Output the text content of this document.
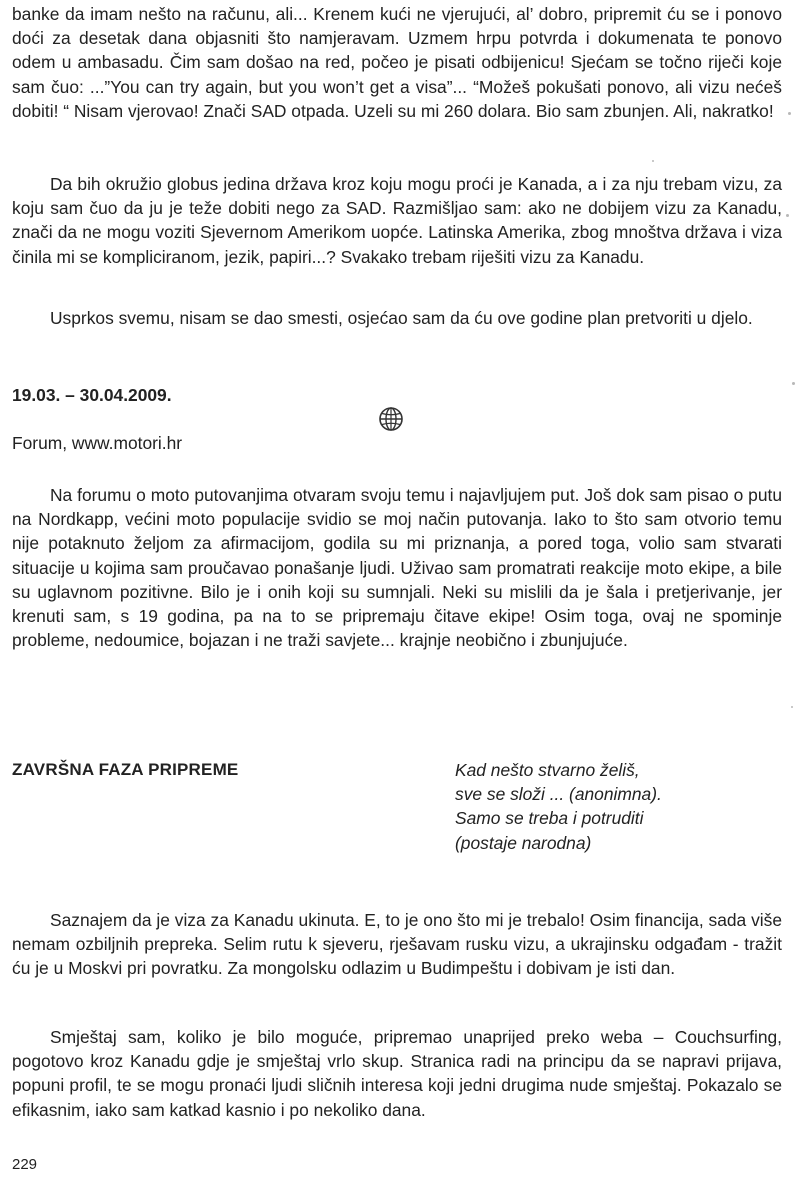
banke da imam nešto na računu, ali... Krenem kući ne vjerujući, al’ dobro, pripremit ću se i ponovo doći za desetak dana objasniti što namjeravam. Uzmem hrpu potvrda i dokumenata te ponovo odem u ambasadu. Čim sam došao na red, počeo je pisati odbijenicu! Sjećam se točno riječi koje sam čuo: ...”You can try again, but you won’t get a visa”... “Možeš pokušati ponovo, ali vizu nećeš dobiti! “ Nisam vjerovao! Znači SAD otpada. Uzeli su mi 260 dolara. Bio sam zbunjen. Ali, nakratko!

Da bih okružio globus jedina država kroz koju mogu proći je Kanada, a i za nju trebam vizu, za koju sam čuo da ju je teže dobiti nego za SAD. Razmišljao sam: ako ne dobijem vizu za Kanadu, znači da ne mogu voziti Sjevernom Amerikom uopće. Latinska Amerika, zbog mnoštva država i viza činila mi se kompliciranom, jezik, papiri...? Svakako trebam riješiti vizu za Kanadu.

Usprkos svemu, nisam se dao smesti, osjećao sam da ću ove godine plan pretvoriti u djelo.

19.03. – 30.04.2009.

Forum, www.motori.hr

Na forumu o moto putovanjima otvaram svoju temu i najavljujem put. Još dok sam pisao o putu na Nordkapp, većini moto populacije svidio se moj način putovanja. Iako to što sam otvorio temu nije potaknuto željom za afirmacijom, godila su mi priznanja, a pored toga, volio sam stvarati situacije u kojima sam proučavao ponašanje ljudi. Uživao sam promatrati reakcije moto ekipe, a bile su uglavnom pozitivne. Bilo je i onih koji su sumnjali. Neki su mislili da je šala i pretjerivanje, jer krenuti sam, s 19 godina, pa na to se pripremaju čitave ekipe! Osim toga, ovaj ne spominje probleme, nedoumice, bojazan i ne traži savjete... krajnje neobično i zbunjujuće.

ZAVRŠNA FAZA PRIPREME	Kad nešto stvarno želiš,
sve se složi ... (anonimna).
Samo se treba i potruditi
(postaje narodna)

Saznajem da je viza za Kanadu ukinuta. E, to je ono što mi je trebalo! Osim financija, sada više nemam ozbiljnih prepreka. Selim rutu k sjeveru, rješavam rusku vizu, a ukrajinsku odgađam - tražit ću je u Moskvi pri povratku. Za mongolsku odlazim u Budimpeštu i dobivam je isti dan.

Smještaj sam, koliko je bilo moguće, pripremao unaprijed preko weba – Couchsurfing, pogotovo kroz Kanadu gdje je smještaj vrlo skup. Stranica radi na principu da se napravi prijava, popuni profil, te se mogu pronaći ljudi sličnih interesa koji jedni drugima nude smještaj. Pokazalo se efikasnim, iako sam katkad kasnio i po nekoliko dana.

229
